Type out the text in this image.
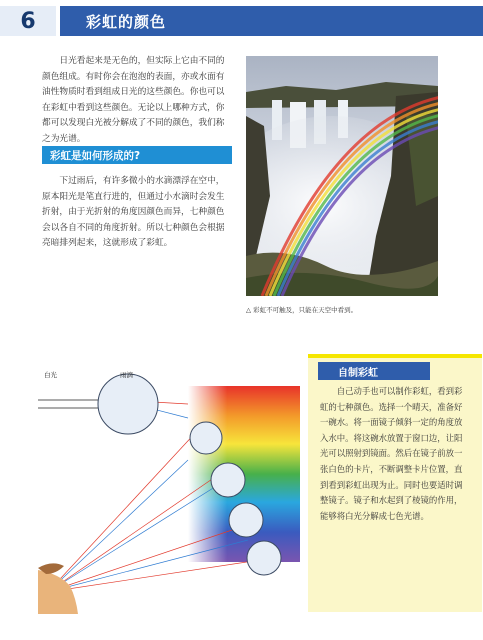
6	彩虹的颜色

日光看起来是无色的，但实际上它由不同的颜色组成。有时你会在泡泡的表面，亦或水面有油性物质时看到组成日光的这些颜色。你也可以在彩虹中看到这些颜色。无论以上哪种方式，你都可以发现白光被分解成了不同的颜色，我们称之为光谱。

彩虹是如何形成的?

下过雨后，有许多微小的水滴漂浮在空中，原本阳光是笔直行进的，但通过小水滴时会发生折射，由于光折射的角度因颜色而异，七种颜色会以各自不同的角度折射。所以七种颜色会根据亮暗排列起来，这就形成了彩虹。

△ 彩虹不可触及，只能在天空中看到。
白光	雨滴	自制彩虹

自己动手也可以制作彩虹，看到彩虹的七种颜色。选择一个晴天，准备好一碗水。将一面镜子倾斜一定的角度放入水中。将这碗水放置于窗口边，让阳光可以照射到镜面。然后在镜子前放一张白色的卡片，不断调整卡片位置，直到看到彩虹出现为止。同时也要适时调整镜子。镜子和水起到了棱镜的作用，能够将白光分解成七色光谱。
